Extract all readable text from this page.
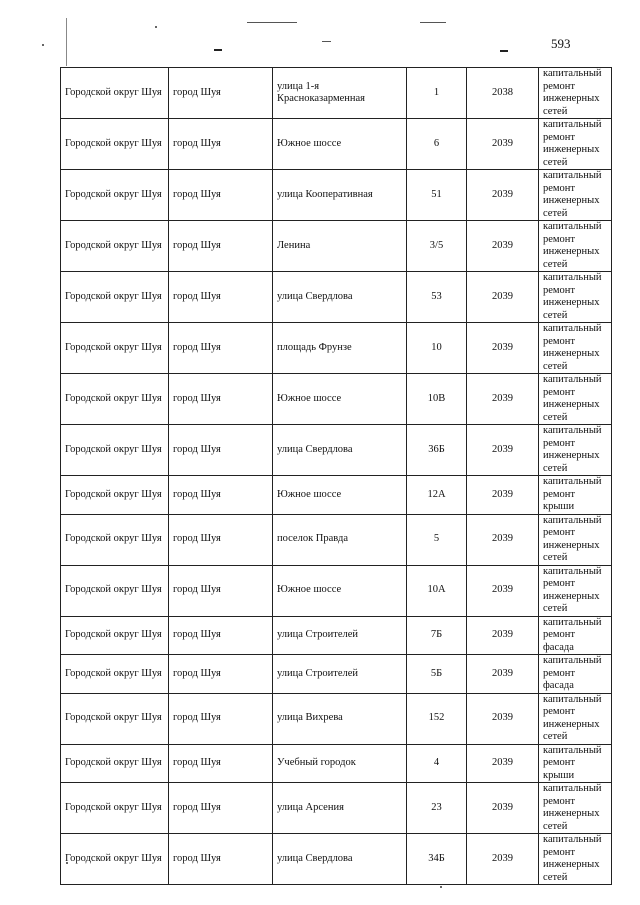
593
Городской округ Шуя	город Шуя	улица 1-я Красноказарменная	1	2038	капитальный ремонт инженерных сетей
Городской округ Шуя	город Шуя	Южное шоссе	6	2039	капитальный ремонт инженерных сетей
Городской округ Шуя	город Шуя	улица Кооперативная	51	2039	капитальный ремонт инженерных сетей
Городской округ Шуя	город Шуя	Ленина	3/5	2039	капитальный ремонт инженерных сетей
Городской округ Шуя	город Шуя	улица Свердлова	53	2039	капитальный ремонт инженерных сетей
Городской округ Шуя	город Шуя	площадь Фрунзе	10	2039	капитальный ремонт инженерных сетей
Городской округ Шуя	город Шуя	Южное шоссе	10В	2039	капитальный ремонт инженерных сетей
Городской округ Шуя	город Шуя	улица Свердлова	36Б	2039	капитальный ремонт инженерных сетей
Городской округ Шуя	город Шуя	Южное шоссе	12А	2039	капитальный ремонт крыши
Городской округ Шуя	город Шуя	поселок Правда	5	2039	капитальный ремонт инженерных сетей
Городской округ Шуя	город Шуя	Южное шоссе	10А	2039	капитальный ремонт инженерных сетей
Городской округ Шуя	город Шуя	улица Строителей	7Б	2039	капитальный ремонт фасада
Городской округ Шуя	город Шуя	улица Строителей	5Б	2039	капитальный ремонт фасада
Городской округ Шуя	город Шуя	улица Вихрева	152	2039	капитальный ремонт инженерных сетей
Городской округ Шуя	город Шуя	Учебный городок	4	2039	капитальный ремонт крыши
Городской округ Шуя	город Шуя	улица Арсения	23	2039	капитальный ремонт инженерных сетей
Городской округ Шуя	город Шуя	улица Свердлова	34Б	2039	капитальный ремонт инженерных сетей
